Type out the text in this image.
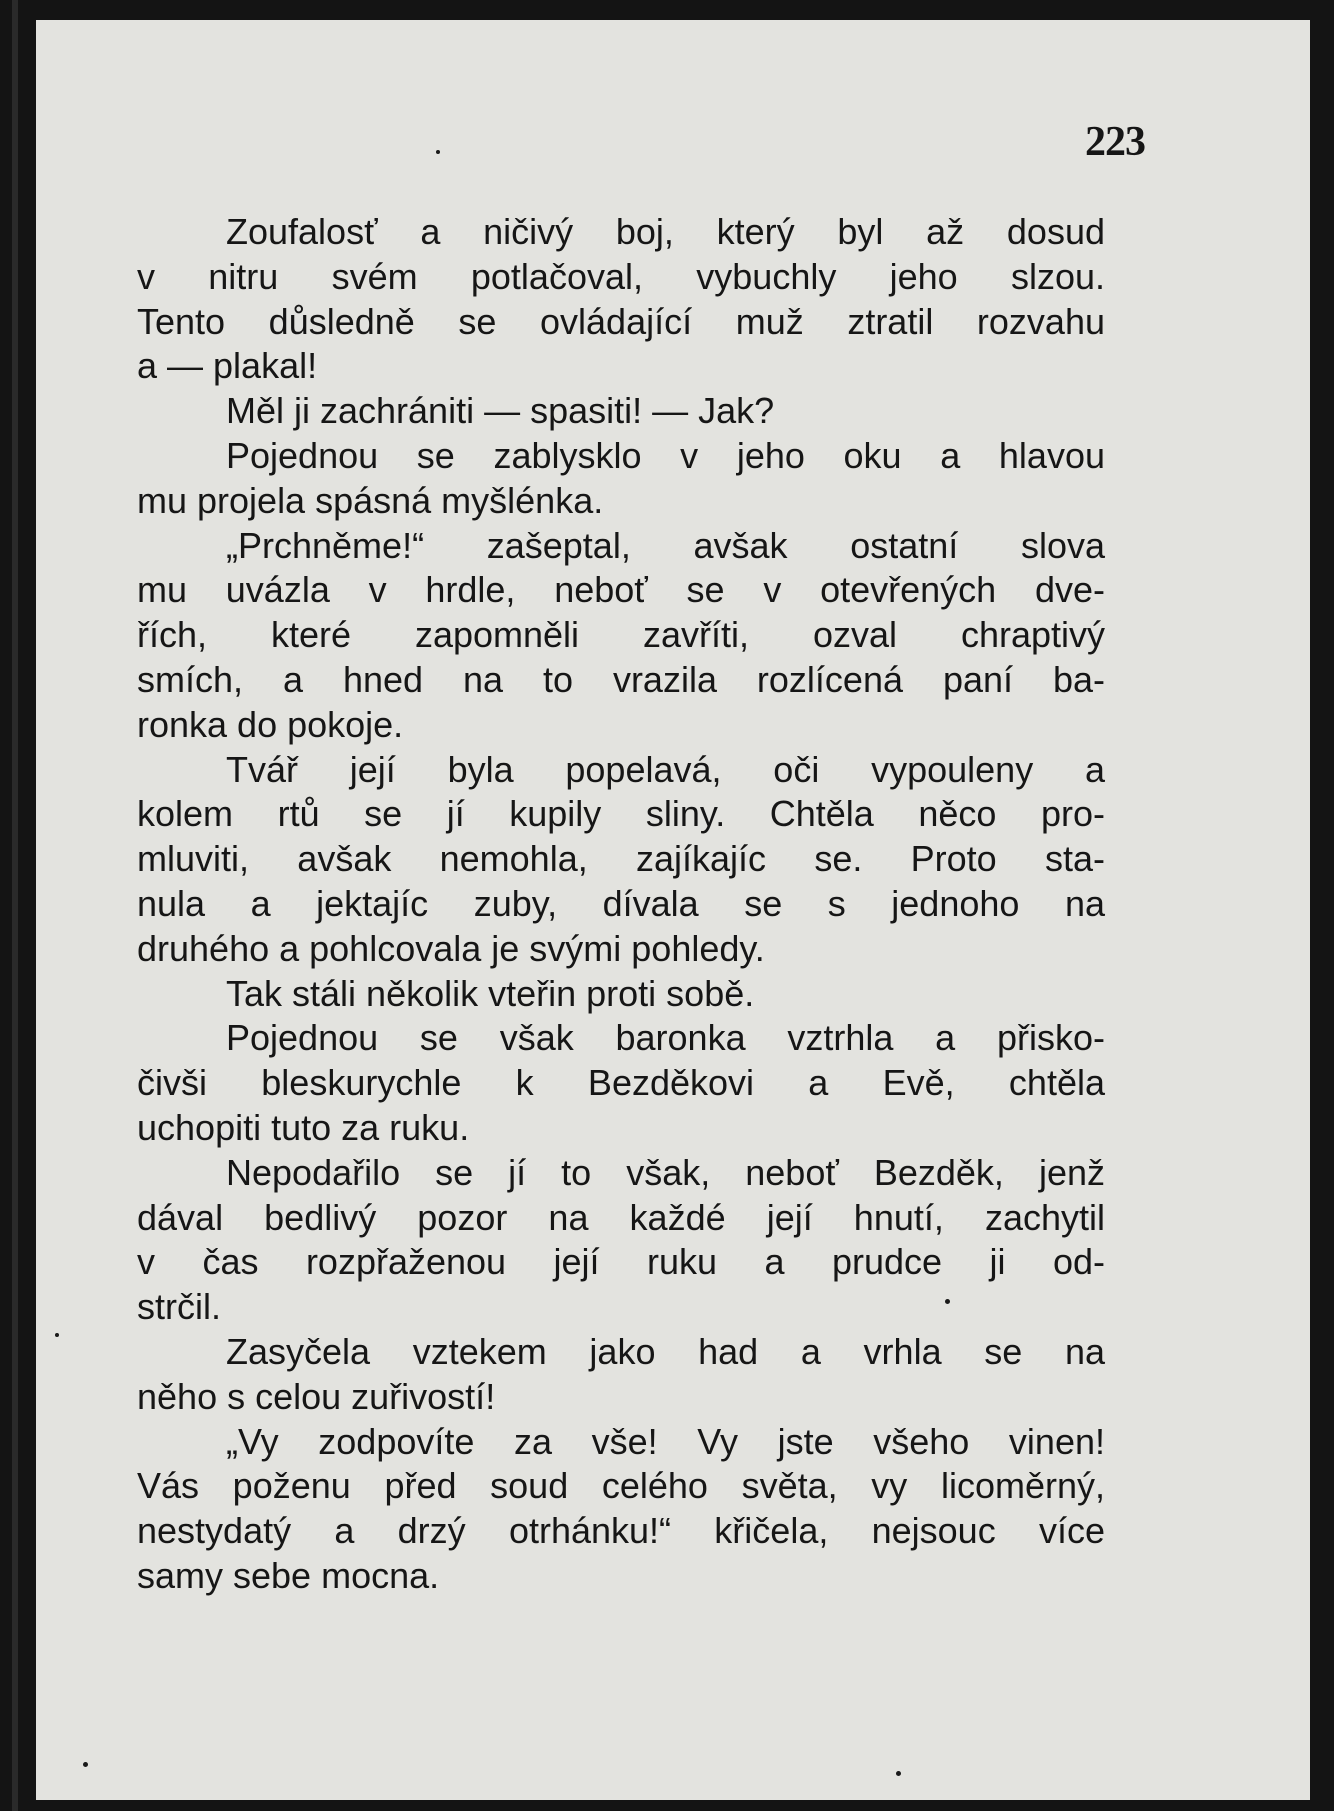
223
Zoufalosť a ničivý boj, který byl až dosud
v nitru svém potlačoval, vybuchly jeho slzou.
Tento důsledně se ovládající muž ztratil rozvahu
a — plakal!
Měl ji zachrániti — spasiti! — Jak?
Pojednou se zablysklo v jeho oku a hlavou
mu projela spásná myšlénka.
„Prchněme!“ zašeptal, avšak ostatní slova
mu uvázla v hrdle, neboť se v otevřených dve-
řích, které zapomněli zavříti, ozval chraptivý
smích, a hned na to vrazila rozlícená paní ba-
ronka do pokoje.
Tvář její byla popelavá, oči vypouleny a
kolem rtů se jí kupily sliny. Chtěla něco pro-
mluviti, avšak nemohla, zajíkajíc se. Proto sta-
nula a jektajíc zuby, dívala se s jednoho na
druhého a pohlcovala je svými pohledy.
Tak stáli několik vteřin proti sobě.
Pojednou se však baronka vztrhla a přisko-
čivši bleskurychle k Bezděkovi a Evě, chtěla
uchopiti tuto za ruku.
Nepodařilo se jí to však, neboť Bezděk, jenž
dával bedlivý pozor na každé její hnutí, zachytil
v čas rozpřaženou její ruku a prudce ji od-
strčil.
Zasyčela vztekem jako had a vrhla se na
něho s celou zuřivostí!
„Vy zodpovíte za vše! Vy jste všeho vinen!
Vás poženu před soud celého světa, vy licoměrný,
nestydatý a drzý otrhánku!“ křičela, nejsouc více
samy sebe mocna.
